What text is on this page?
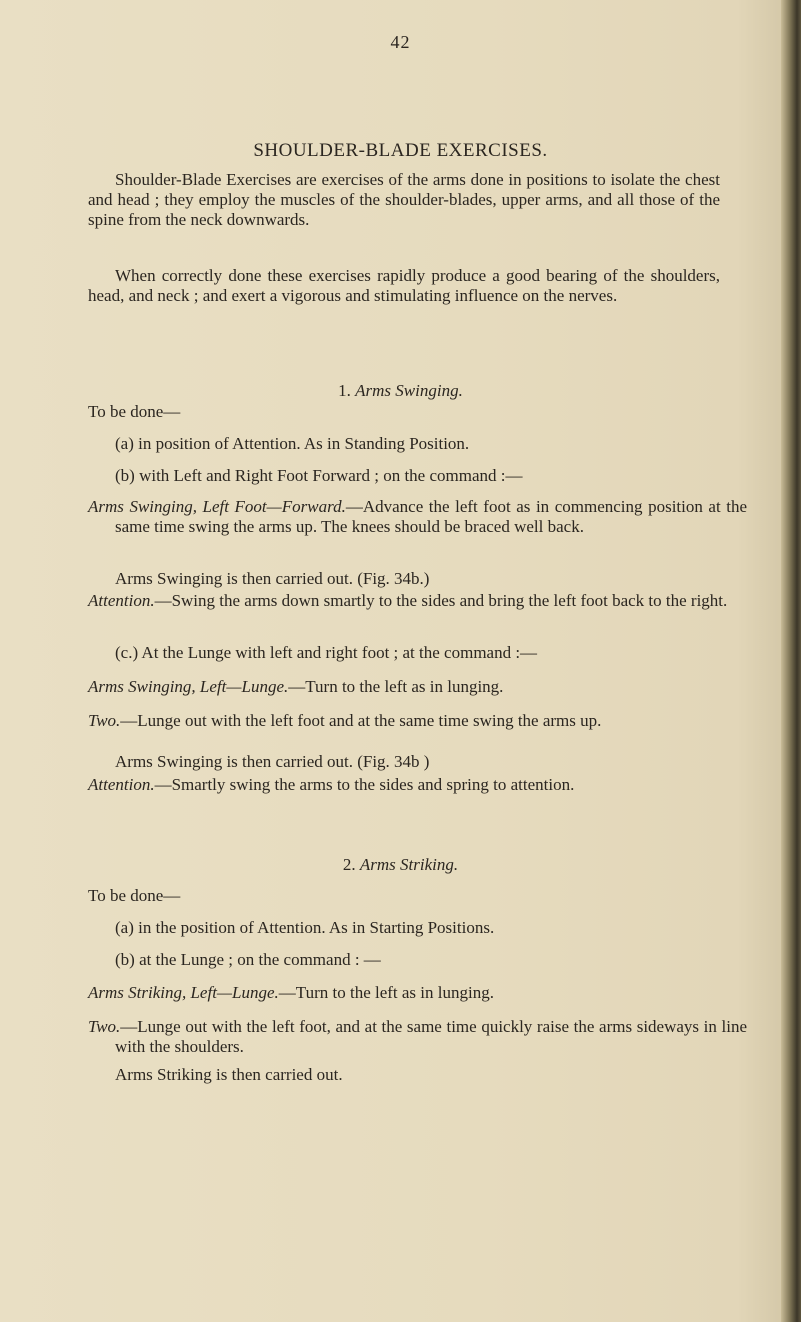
42
SHOULDER-BLADE EXERCISES.

Shoulder-Blade Exercises are exercises of the arms done in positions to isolate the chest and head ; they employ the muscles of the shoulder-blades, upper arms, and all those of the spine from the neck downwards.

When correctly done these exercises rapidly produce a good bearing of the shoulders, head, and neck ; and exert a vigorous and stimulating influence on the nerves.

1. Arms Swinging.

To be done—

(a) in position of Attention. As in Standing Position.

(b) with Left and Right Foot Forward ; on the command :—

Arms Swinging, Left Foot—Forward.—Advance the left foot as in commencing position at the same time swing the arms up. The knees should be braced well back.

Arms Swinging is then carried out. (Fig. 34b.)

Attention.—Swing the arms down smartly to the sides and bring the left foot back to the right.

(c.) At the Lunge with left and right foot ; at the command :—

Arms Swinging, Left—Lunge.—Turn to the left as in lunging.

Two.—Lunge out with the left foot and at the same time swing the arms up.

Arms Swinging is then carried out. (Fig. 34b )

Attention.—Smartly swing the arms to the sides and spring to attention.

2. Arms Striking.

To be done—

(a) in the position of Attention. As in Starting Positions.

(b) at the Lunge ; on the command : —

Arms Striking, Left—Lunge.—Turn to the left as in lunging.

Two.—Lunge out with the left foot, and at the same time quickly raise the arms sideways in line with the shoulders.

Arms Striking is then carried out.
